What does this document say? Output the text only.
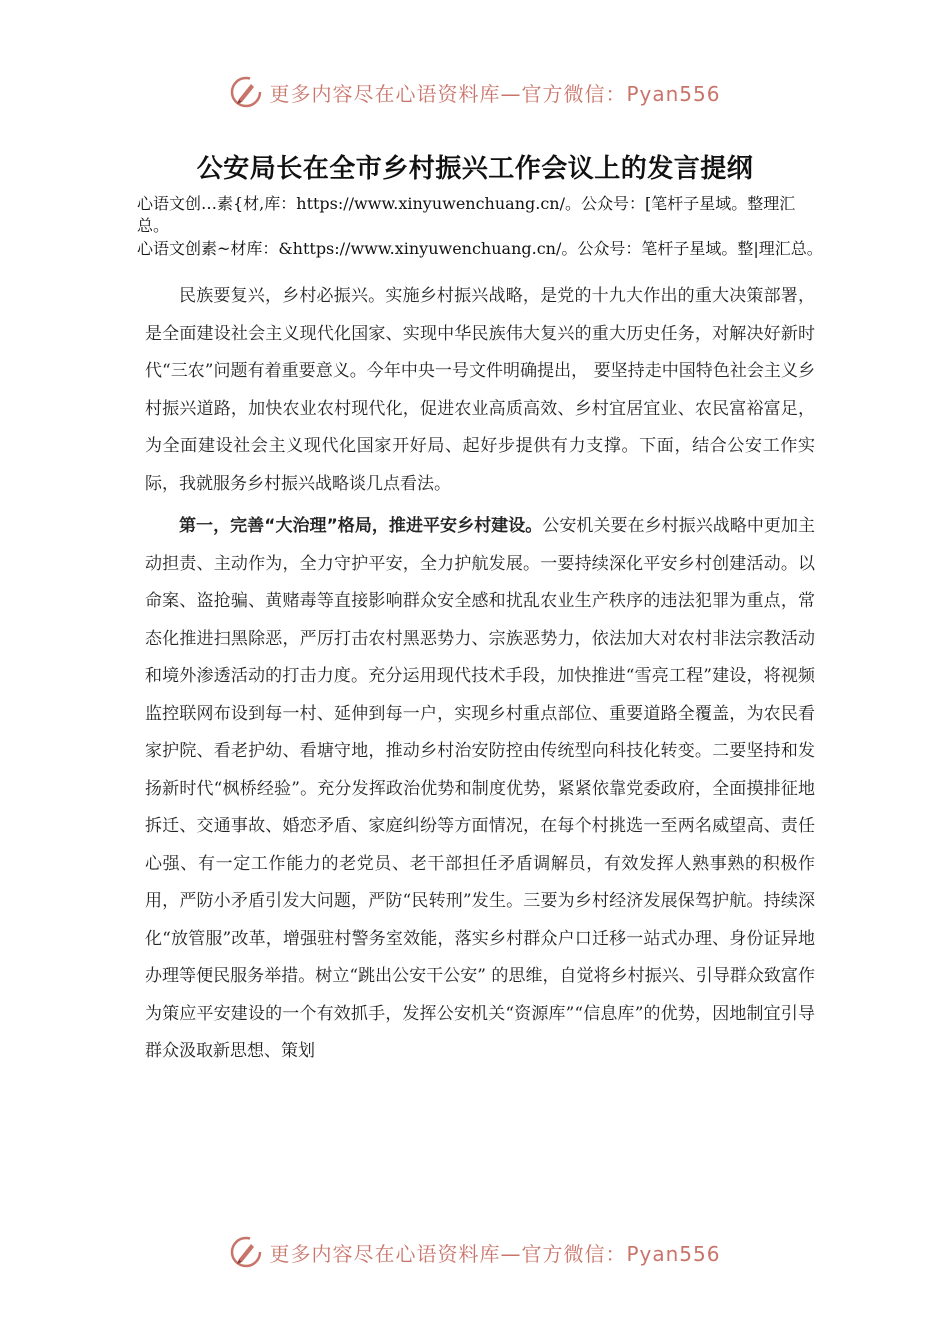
更多内容尽在心语资料库—官方微信：Pyan556
公安局长在全市乡村振兴工作会议上的发言提纲

心语文创…素{材,库：https://www.xinyuwenchuang.cn/。公众号：[笔杆子星域。整理汇总。

心语文创素~材库：&https://www.xinyuwenchuang.cn/。公众号：笔杆子星域。整|理汇总。

民族要复兴，乡村必振兴。实施乡村振兴战略，是党的十九大作出的重大决策部署，是全面建设社会主义现代化国家、实现中华民族伟大复兴的重大历史任务，对解决好新时代“三农”问题有着重要意义。今年中央一号文件明确提出， 要坚持走中国特色社会主义乡村振兴道路，加快农业农村现代化，促进农业高质高效、乡村宜居宜业、农民富裕富足，为全面建设社会主义现代化国家开好局、起好步提供有力支撑。下面，结合公安工作实际，我就服务乡村振兴战略谈几点看法。

第一，完善“大治理”格局，推进平安乡村建设。公安机关要在乡村振兴战略中更加主动担责、主动作为，全力守护平安，全力护航发展。一要持续深化平安乡村创建活动。以命案、盗抢骗、黄赌毒等直接影响群众安全感和扰乱农业生产秩序的违法犯罪为重点，常态化推进扫黑除恶，严厉打击农村黑恶势力、宗族恶势力，依法加大对农村非法宗教活动和境外渗透活动的打击力度。充分运用现代技术手段，加快推进“雪亮工程”建设，将视频监控联网布设到每一村、延伸到每一户，实现乡村重点部位、重要道路全覆盖，为农民看家护院、看老护幼、看塘守地，推动乡村治安防控由传统型向科技化转变。二要坚持和发扬新时代“枫桥经验”。充分发挥政治优势和制度优势，紧紧依靠党委政府，全面摸排征地拆迁、交通事故、婚恋矛盾、家庭纠纷等方面情况，在每个村挑选一至两名威望高、责任心强、有一定工作能力的老党员、老干部担任矛盾调解员，有效发挥人熟事熟的积极作用，严防小矛盾引发大问题，严防“民转刑”发生。三要为乡村经济发展保驾护航。持续深化“放管服”改革，增强驻村警务室效能，落实乡村群众户口迁移一站式办理、身份证异地办理等便民服务举措。树立“跳出公安干公安” 的思维，自觉将乡村振兴、引导群众致富作为策应平安建设的一个有效抓手，发挥公安机关“资源库”“信息库”的优势，因地制宜引导群众汲取新思想、策划

更多内容尽在心语资料库—官方微信：Pyan556
